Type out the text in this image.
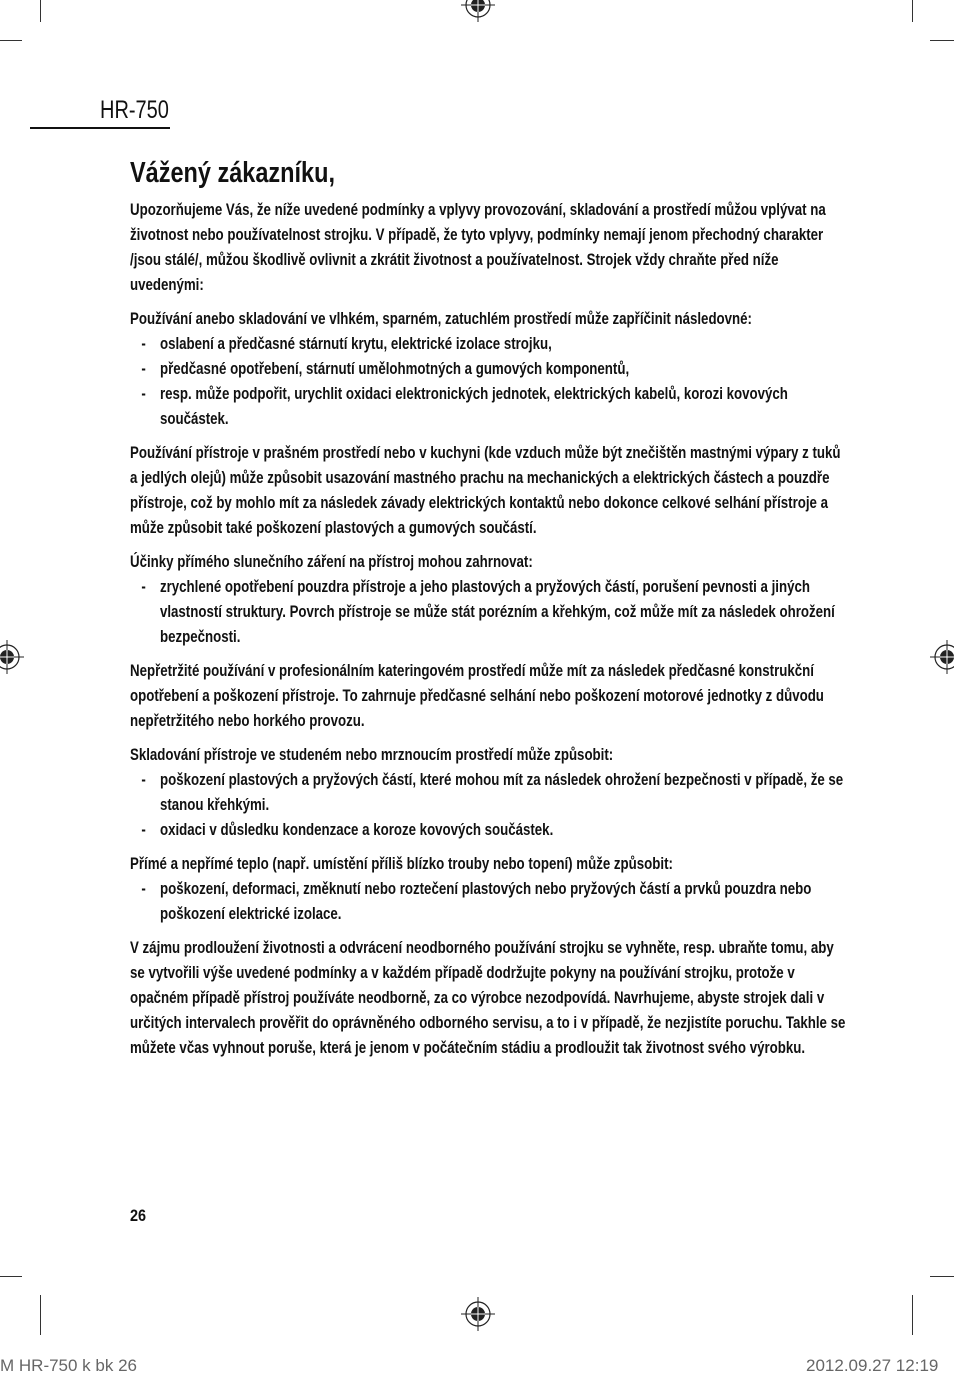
HR-750
Vážený zákazníku,

Upozorňujeme Vás, že níže uvedené podmínky a vplyvy provozování, skladování a prostředí můžou vplývat na životnost nebo používatelnost strojku. V případě, že tyto vplyvy, podmínky nemají jenom přechodný charakter /jsou stálé/, můžou škodlivě ovlivnit a zkrátit životnost a používatelnost. Strojek vždy chraňte před níže uvedenými:

Používání anebo skladování ve vlhkém, sparném, zatuchlém prostředí může zapříčinit následovné:

- oslabení a předčasné stárnutí krytu, elektrické izolace strojku,
- předčasné opotřebení, stárnutí umělohmotných a gumových komponentů,
- resp. může podpořit, urychlit oxidaci elektronických jednotek, elektrických kabelů, korozi kovových součástek.

Používání přístroje v prašném prostředí nebo v kuchyni (kde vzduch může být znečištěn mastnými výpary z tuků a jedlých olejů) může způsobit usazování mastného prachu na mechanických a elektrických částech a pouzdře přístroje, což by mohlo mít za následek závady elektrických kontaktů nebo dokonce celkové selhání přístroje a může způsobit také poškození plastových a gumových součástí.

Účinky přímého slunečního záření na přístroj mohou zahrnovat:

- zrychlené opotřebení pouzdra přístroje a jeho plastových a pryžových částí, porušení pevnosti a jiných vlastností struktury. Povrch přístroje se může stát porézním a křehkým, což může mít za následek ohrožení bezpečnosti.

Nepřetržité používání v profesionálním kateringovém prostředí může mít za následek předčasné konstrukční opotřebení a poškození přístroje. To zahrnuje předčasné selhání nebo poškození motorové jednotky z důvodu nepřetržitého nebo horkého provozu.

Skladování přístroje ve studeném nebo mrznoucím prostředí může způsobit:

- poškození plastových a pryžových částí, které mohou mít za následek ohrožení bezpečnosti v případě, že se stanou křehkými.
- oxidaci v důsledku kondenzace a koroze kovových součástek.

Přímé a nepřímé teplo (např. umístění příliš blízko trouby nebo topení) může způsobit:

- poškození, deformaci, změknutí nebo roztečení plastových nebo pryžových částí a prvků pouzdra nebo poškození elektrické izolace.

V zájmu prodloužení životnosti a odvrácení neodborného používání strojku se vyhněte, resp. ubraňte tomu, aby se vytvořili výše uvedené podmínky a v každém případě dodržujte pokyny na používání strojku, protože v opačném případě přístroj používáte neodborně, za co výrobce nezodpovídá. Navrhujeme, abyste strojek dali v určitých intervalech prověřit do oprávněného odborného servisu, a to i v případě, že nezjistíte poruchu. Takhle se můžete včas vyhnout poruše, která je jenom v počátečním stádiu a prodloužit tak životnost svého výrobku.

26
M HR-750 k bk 26	2012.09.27 12:19
